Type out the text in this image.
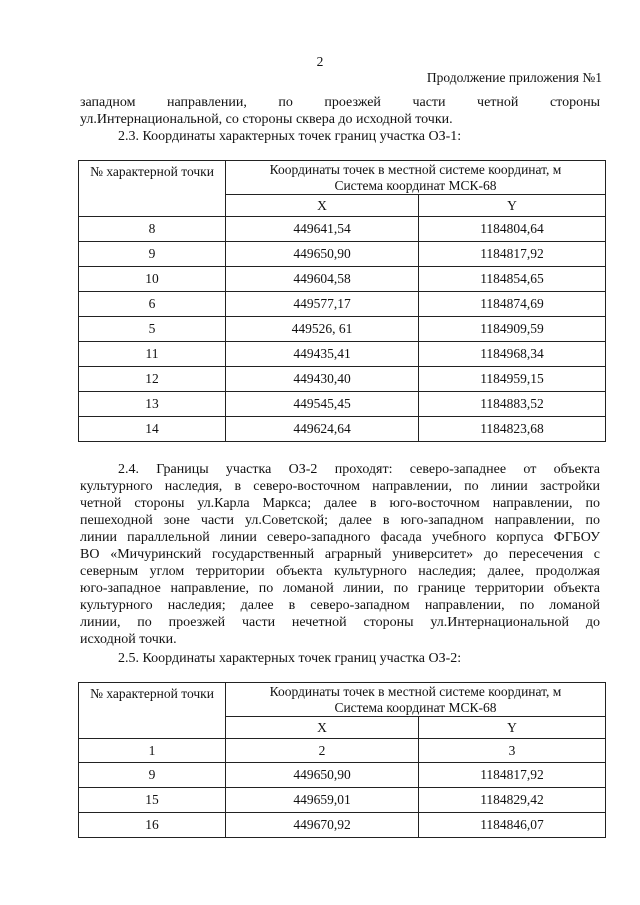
2
Продолжение приложения №1
западном направлении, по проезжей части четной стороны
ул.Интернациональной, со стороны сквера до исходной точки.
2.3. Координаты характерных точек границ участка ОЗ-1:
№ характерной точки	Координаты точек в местной системе координат, м
Система координат МСК-68	

	X	Y
8	449641,54	1184804,64
9	449650,90	1184817,92
10	449604,58	1184854,65
6	449577,17	1184874,69
5	449526, 61	1184909,59
11	449435,41	1184968,34
12	449430,40	1184959,15
13	449545,45	1184883,52
14	449624,64	1184823,68
2.4. Границы участка ОЗ-2 проходят: северо-западнее от объекта
культурного наследия, в северо-восточном направлении, по линии застройки
четной стороны ул.Карла Маркса; далее в юго-восточном направлении, по
пешеходной зоне части ул.Советской; далее в юго-западном направлении, по
линии параллельной линии северо-западного фасада учебного корпуса ФГБОУ
ВО «Мичуринский государственный аграрный университет» до пересечения с
северным углом территории объекта культурного наследия; далее, продолжая
юго-западное направление, по ломаной линии, по границе территории объекта
культурного наследия; далее в северо-западном направлении, по ломаной
линии, по проезжей части нечетной стороны ул.Интернациональной до
исходной точки.
2.5. Координаты характерных точек границ участка ОЗ-2:
№ характерной точки	Координаты точек в местной системе координат, м
Система координат МСК-68	

	X	Y
1	2	3
9	449650,90	1184817,92
15	449659,01	1184829,42
16	449670,92	1184846,07
